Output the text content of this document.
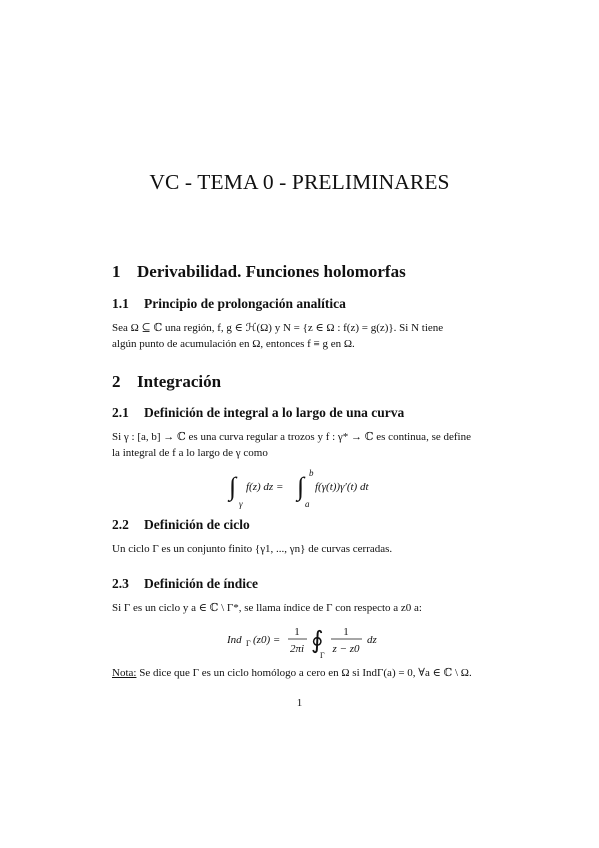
VC - TEMA 0 - PRELIMINARES
1 Derivabilidad. Funciones holomorfas
1.1 Principio de prolongación analítica
Sea Ω ⊆ ℂ una región, f, g ∈ ℋ(Ω) y N = {z ∈ Ω : f(z) = g(z)}. Si N tiene
algún punto de acumulación en Ω, entonces f ≡ g en Ω.
2 Integración
2.1 Definición de integral a lo largo de una curva
Si γ : [a, b] → ℂ es una curva regular a trozos y f : γ* → ℂ es continua, se define
la integral de f a lo largo de γ como
∫
γ
f(z) dz = ∫ b
a
f(γ(t))γ′(t) dt
2.2 Definición de ciclo
Un ciclo Γ es un conjunto finito {γ1, ..., γn} de curvas cerradas.
2.3 Definición de índice
Si Γ es un ciclo y a ∈ ℂ \ Γ*, se llama índice de Γ con respecto a z0 a:
Ind Γ (z0) =
1
2πi ∮
Γ
1
z − z0
dz
Nota: Se dice que Γ es un ciclo homólogo a cero en Ω si IndΓ(a) = 0, ∀a ∈ ℂ \ Ω.
1
